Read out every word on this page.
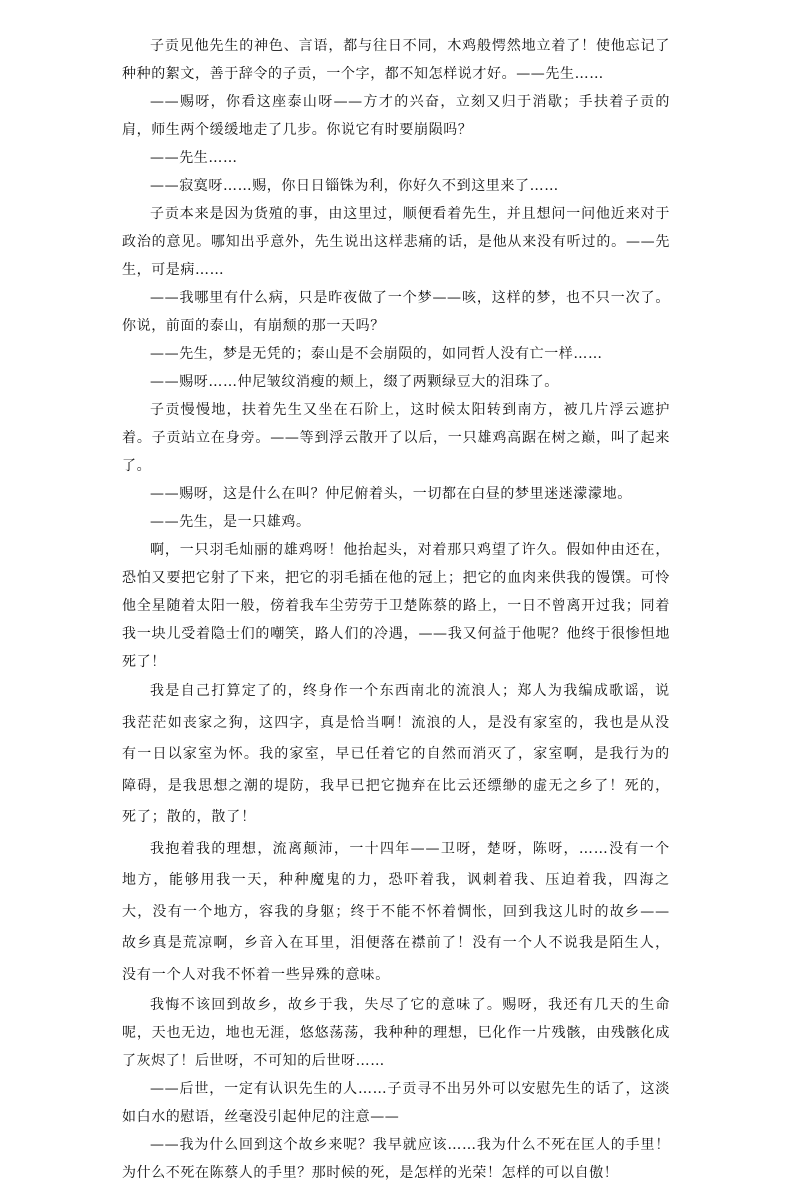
子贡见他先生的神色、言语，都与往日不同，木鸡般愕然地立着了！使他忘记了种种的絮文，善于辞令的子贡，一个字，都不知怎样说才好。——先生……

——赐呀，你看这座泰山呀——方才的兴奋，立刻又归于消歇；手扶着子贡的肩，师生两个缓缓地走了几步。你说它有时要崩陨吗？

——先生……

——寂寞呀……赐，你日日锱铢为利，你好久不到这里来了……

子贡本来是因为货殖的事，由这里过，顺便看着先生，并且想问一问他近来对于政治的意见。哪知出乎意外，先生说出这样悲痛的话，是他从来没有听过的。——先生，可是病……

——我哪里有什么病，只是昨夜做了一个梦——咳，这样的梦，也不只一次了。你说，前面的泰山，有崩颓的那一天吗？

——先生，梦是无凭的；泰山是不会崩陨的，如同哲人没有亡一样……

——赐呀……仲尼皱纹消瘦的颊上，缀了两颗绿豆大的泪珠了。

子贡慢慢地，扶着先生又坐在石阶上，这时候太阳转到南方，被几片浮云遮护着。子贡站立在身旁。——等到浮云散开了以后，一只雄鸡高踞在树之巅，叫了起来了。

——赐呀，这是什么在叫？仲尼俯着头，一切都在白昼的梦里迷迷濛濛地。

——先生，是一只雄鸡。

啊，一只羽毛灿丽的雄鸡呀！他抬起头，对着那只鸡望了许久。假如仲由还在，恐怕又要把它射了下来，把它的羽毛插在他的冠上；把它的血肉来供我的馒馔。可怜他全星随着太阳一般，傍着我车尘劳劳于卫楚陈蔡的路上，一日不曾离开过我；同着我一块儿受着隐士们的嘲笑，路人们的冷遇，——我又何益于他呢？他终于很惨怛地死了！

我是自己打算定了的，终身作一个东西南北的流浪人；郑人为我编成歌谣，说我茫茫如丧家之狗，这四字，真是恰当啊！流浪的人，是没有家室的，我也是从没有一日以家室为怀。我的家室，早已任着它的自然而消灭了，家室啊，是我行为的障碍，是我思想之潮的堤防，我早已把它抛弃在比云还缥缈的虚无之乡了！死的，死了；散的，散了！

我抱着我的理想，流离颠沛，一十四年——卫呀，楚呀，陈呀，……没有一个地方，能够用我一天，种种魔鬼的力，恐吓着我，讽刺着我、压迫着我，四海之大，没有一个地方，容我的身躯；终于不能不怀着惆怅，回到我这儿时的故乡——故乡真是荒凉啊，乡音入在耳里，泪便落在襟前了！没有一个人不说我是陌生人，没有一个人对我不怀着一些异殊的意味。

我悔不该回到故乡，故乡于我，失尽了它的意味了。赐呀，我还有几天的生命呢，天也无边，地也无涯，悠悠荡荡，我种种的理想，巳化作一片残骸，由残骸化成了灰烬了！后世呀，不可知的后世呀……

——后世，一定有认识先生的人……子贡寻不出另外可以安慰先生的话了，这淡如白水的慰语，丝毫没引起仲尼的注意——

——我为什么回到这个故乡来呢？我早就应该……我为什么不死在匡人的手里！为什么不死在陈蔡人的手里？那时候的死，是怎样的光荣！怎样的可以自傲！
